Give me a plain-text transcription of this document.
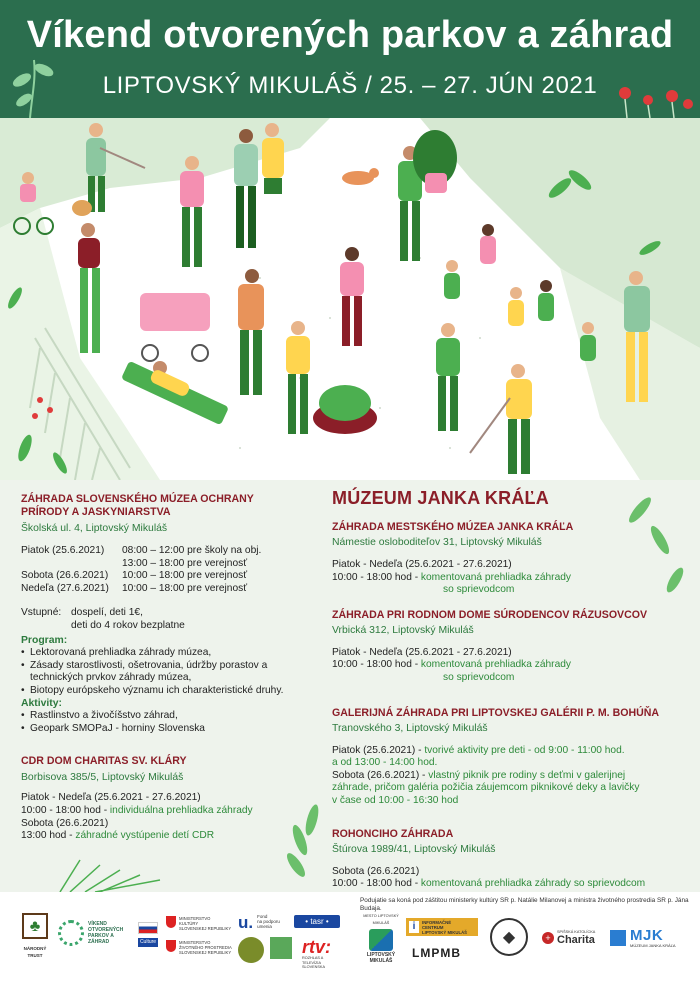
Víkend otvorených parkov a záhrad
LIPTOVSKÝ MIKULÁŠ / 25. – 27. JÚN 2021
ZÁHRADA SLOVENSKÉHO MÚZEA OCHRANY
PRÍRODY A JASKYNIARSTVA
Školská ul. 4, Liptovský Mikuláš
Piatok (25.6.2021)	08:00 – 12:00 pre školy na obj.
13:00 – 18:00 pre verejnosť
Sobota (26.6.2021)	10:00 – 18:00 pre verejnosť
Nedeľa (27.6.2021)	10:00 – 18:00 pre verejnosť
Vstupné: dospelí, deti 1€,
deti do 4 rokov bezplatne
Program:
• Lektorovaná prehliadka záhrady múzea,
• Zásady starostlivosti, ošetrovania, údržby porastov a technických prvkov záhrady múzea,
• Biotopy európskeho významu ich charakteristické druhy.
Aktivity:
• Rastlinstvo a živočíšstvo záhrad,
• Geopark SMOPaJ - horniny Slovenska
CDR DOM CHARITAS SV. KLÁRY
Borbisova 385/5, Liptovský Mikuláš
Piatok - Nedeľa (25.6.2021 - 27.6.2021)
10:00 - 18:00 hod - individuálna prehliadka záhrady
Sobota (26.6.2021)
13:00 hod - záhradné vystúpenie detí CDR
MÚZEUM JANKA KRÁĽA
ZÁHRADA MESTSKÉHO MÚZEA JANKA KRÁĽA
Námestie osloboditeľov 31, Liptovský Mikuláš
Piatok - Nedeľa (25.6.2021 - 27.6.2021)
10:00 - 18:00 hod - komentovaná prehliadka záhrady
so sprievodcom
ZÁHRADA PRI RODNOM DOME SÚRODENCOV RÁZUSOVCOV
Vrbická 312, Liptovský Mikuláš
Piatok - Nedeľa (25.6.2021 - 27.6.2021)
10:00 - 18:00 hod - komentovaná prehliadka záhrady
so sprievodcom
GALERIJNÁ ZÁHRADA PRI LIPTOVSKEJ GALÉRII P. M. BOHÚŇA
Tranovského 3, Liptovský Mikuláš
Piatok (25.6.2021) - tvorivé aktivity pre deti - od 9:00 - 11:00 hod.
a od 13:00 - 14:00 hod.
Sobota (26.6.2021) - vlastný piknik pre rodiny s deťmi v galerijnej
záhrade, pričom galéria požičia záujemcom piknikové deky a lavičky
v čase od 10:00 - 16:30 hod
ROHONCIHO ZÁHRADA
Štúrova 1989/41, Liptovský Mikuláš
Sobota (26.6.2021)
10:00 - 18:00 hod - komentovaná prehliadka záhrady so sprievodcom
Podujatie sa koná pod záštitou ministerky kultúry SR p. Natálie Milanovej a ministra životného prostredia SR p. Jána Budaja.
♣
NÁRODNÝ TRUST
VÍKEND
OTVORENÝCH
PARKOV A ZÁHRAD	Culture
MINISTERSTVO
KULTÚRY
SLOVENSKEJ REPUBLIKY
MINISTERSTVO
ŽIVOTNÉHO PROSTREDIA
SLOVENSKEJ REPUBLIKY
u. Fond
na podporu
umenia
• tasr •
rtv:
ROZHLAS A TELEVÍZIA SLOVENSKA
MESTO LIPTOVSKÝ MIKULÁŠ
LIPTOVSKÝ
MIKULÁŠ
i	INFORMAČNÉ
CENTRUM
LIPTOVSKÝ MIKULÁŠ
LMPMB
◆	+
SPIŠSKÁ KATOLÍCKA
Charita MJK
MÚZEUM JANKA KRÁĽA
